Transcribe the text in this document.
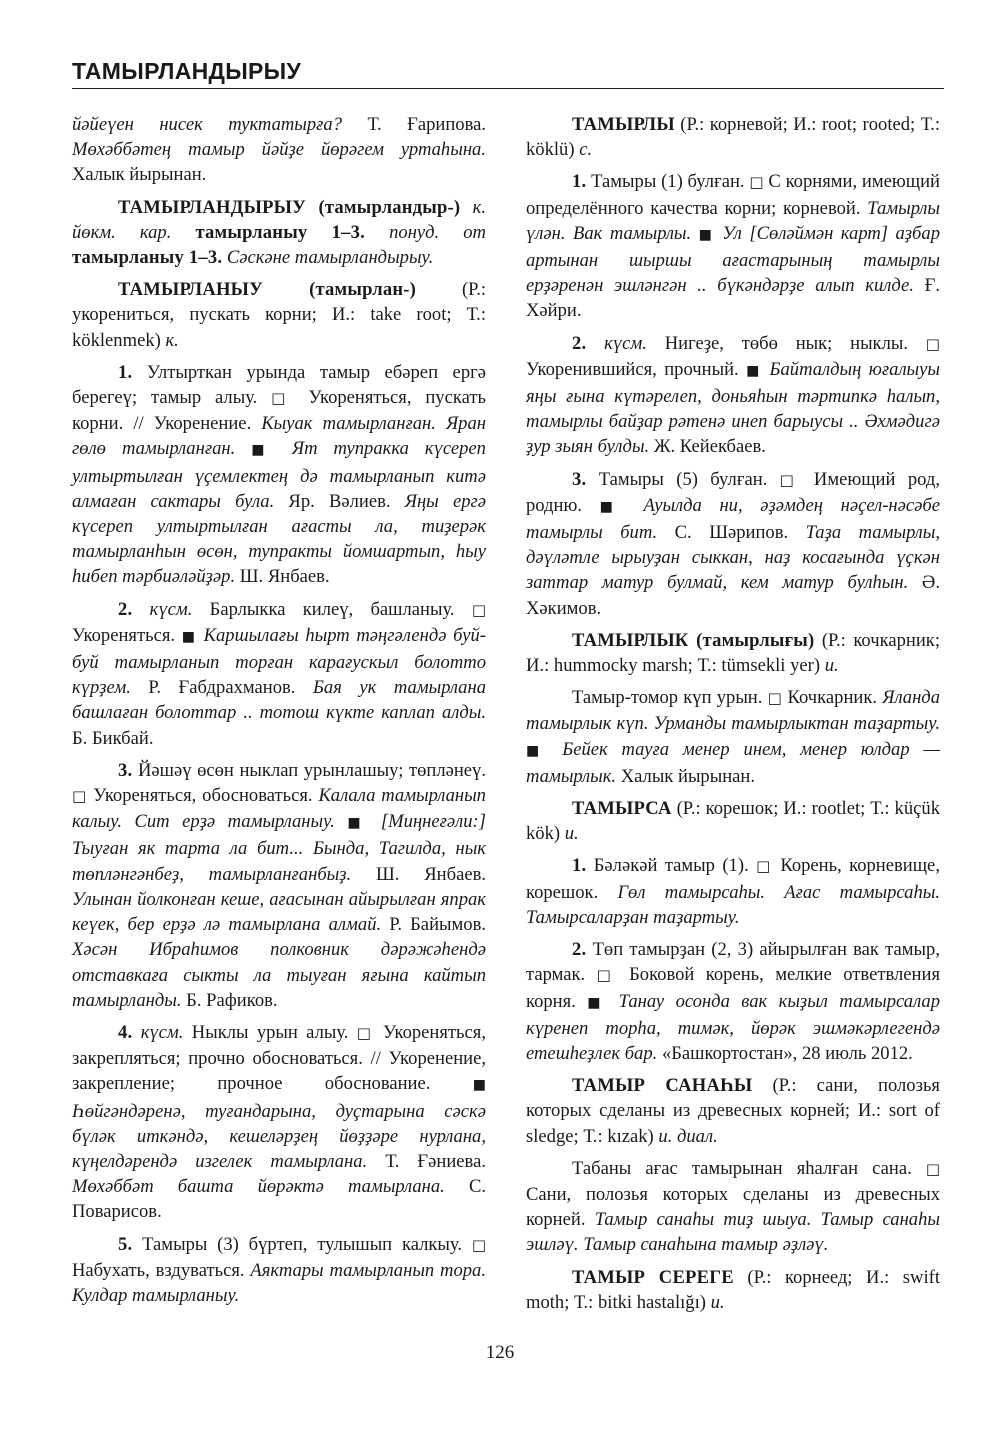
ТАМЫРЛАНДЫРЫУ

йәйеүен нисек туктатырға? Т. Ғарипова. Мөхәббәтең тамыр йәйҙе йөрәгем уртаһына. Халык йырынан.

ТАМЫРЛАНДЫРЫУ (тамырландыр-) к. йөкм. кар. тамырланыу 1–3. понуд. от тамырланыу 1–3. Сәскәне тамырландырыу.

ТАМЫРЛАНЫУ (тамырлан-) (Р.: укорениться, пускать корни; И.: take root; Т.: köklenmek) к.

1. Ултырткан урында тамыр ебәреп ергә берегеү; тамыр алыу. □ Укореняться, пускать корни. // Укоренение. Кыуак тамырланған. Яран гөлө тамырланған. ■ Ят тупракка күсереп ултыртылған үҫемлектең дә тамырланып китә алмаған сактары була. Яр. Вәлиев. Яңы ергә күсереп ултыртылған ағасты ла, тиҙерәк тамырланһын өсөн, тупракты йомшартып, һыу һибеп тәрбиәләйҙәр. Ш. Янбаев.

2. күсм. Барлыкка килеү, башланыу. □ Укореняться. ■ Каршылағы һырт тәңгәлендә буй-буй тамырланып торған карағускыл болотто күрҙем. Р. Ғабдрахманов. Бая ук тамырлана башлаған болоттар .. тотош күкте каплап алды. Б. Бикбай.

3. Йәшәү өсөн ныклап урынлашыу; төпләнеү. □ Укореняться, обосноваться. Калала тамырланып калыу. Сит ерҙә тамырланыу. ■ [Миңнеғәли:] Тыуған як тарта ла бит... Бында, Тагилда, нык төпләнгәнбеҙ, тамырланғанбыҙ. Ш. Янбаев. Улынан йолконған кеше, ағасынан айырылған япрак кеүек, бер ерҙә лә тамырлана алмай. Р. Байымов. Хәсән Ибраһимов полковник дәрәжәһендә отставкаға сыкты ла тыуған яғына кайтып тамырланды. Б. Рафиков.

4. күсм. Ныклы урын алыу. □ Укореняться, закрепляться; прочно обосноваться. // Укоренение, закрепление; прочное обоснование. ■ Һөйгәндәренә, туғандарына, дуҫтарына сәскә бүләк иткәндә, кешеләрҙең йөҙҙәре нурлана, күңелдәрендә изгелек тамырлана. Т. Ғәниева. Мөхәббәт башта йөрәктә тамырлана. С. Поварисов.

5. Тамыры (3) бүртеп, тулышып калкыу. □ Набухать, вздуваться. Аяктары тамырланып тора. Кулдар тамырланыу.

ТАМЫРЛЫ (Р.: корневой; И.: root; rooted; Т.: köklü) с.

1. Тамыры (1) булған. □ С корнями, имеющий определённого качества корни; корневой. Тамырлы үлән. Вак тамырлы. ■ Ул [Сөләймән карт] аҙбар артынан шыршы ағастарының тамырлы ерҙәренән эшләнгән .. бүкәндәрҙе алып килде. Ғ. Хәйри.

2. күсм. Нигеҙе, төбө нык; ныклы. □ Укоренившийся, прочный. ■ Байталдың юғалыуы яңы ғына күтәрелеп, доньяһын тәртипкә һалып, тамырлы байҙар рәтенә инеп барыусы .. Әхмәдигә ҙур зыян булды. Ж. Кейекбаев.

3. Тамыры (5) булған. □ Имеющий род, родню. ■ Ауылда ни, әҙәмдең нәҫел-нәсәбе тамырлы бит. С. Шәрипов. Таҙа тамырлы, дәүләтле ырыуҙан сыккан, наҙ косағында үҫкән заттар матур булмай, кем матур булһын. Ә. Хәкимов.

ТАМЫРЛЫК (тамырлығы) (Р.: кочкарник; И.: hummocky marsh; Т.: tümsekli yer) и.

Тамыр-томор күп урын. □ Кочкарник. Яланда тамырлык күп. Урманды тамырлыктан таҙартыу. ■ Бейек тауға менер инем, менер юлдар — тамырлык. Халык йырынан.

ТАМЫРСА (Р.: корешок; И.: rootlet; Т.: küçük kök) и.

1. Бәләкәй тамыр (1). □ Корень, корневище, корешок. Гөл тамырсаһы. Ағас тамырсаһы. Тамырсаларҙан таҙартыу.

2. Төп тамырҙан (2, 3) айырылған вак тамыр, тармак. □ Боковой корень, мелкие ответвления корня. ■ Танау осонда вак кыҙыл тамырсалар күренеп торһа, тимәк, йөрәк эшмәкәрлегендә етешһеҙлек бар. «Башкортостан», 28 июль 2012.

ТАМЫР САНАҺЫ (Р.: сани, полозья которых сделаны из древесных корней; И.: sort of sledge; Т.: kızak) и. диал.

Табаны ағас тамырынан яһалған сана. □ Сани, полозья которых сделаны из древесных корней. Тамыр санаһы тиҙ шыуа. Тамыр санаһы эшләү. Тамыр санаһына тамыр әҙләү.

ТАМЫР СЕРЕГЕ (Р.: корнеед; И.: swift moth; Т.: bitki hastalığı) и.

126
